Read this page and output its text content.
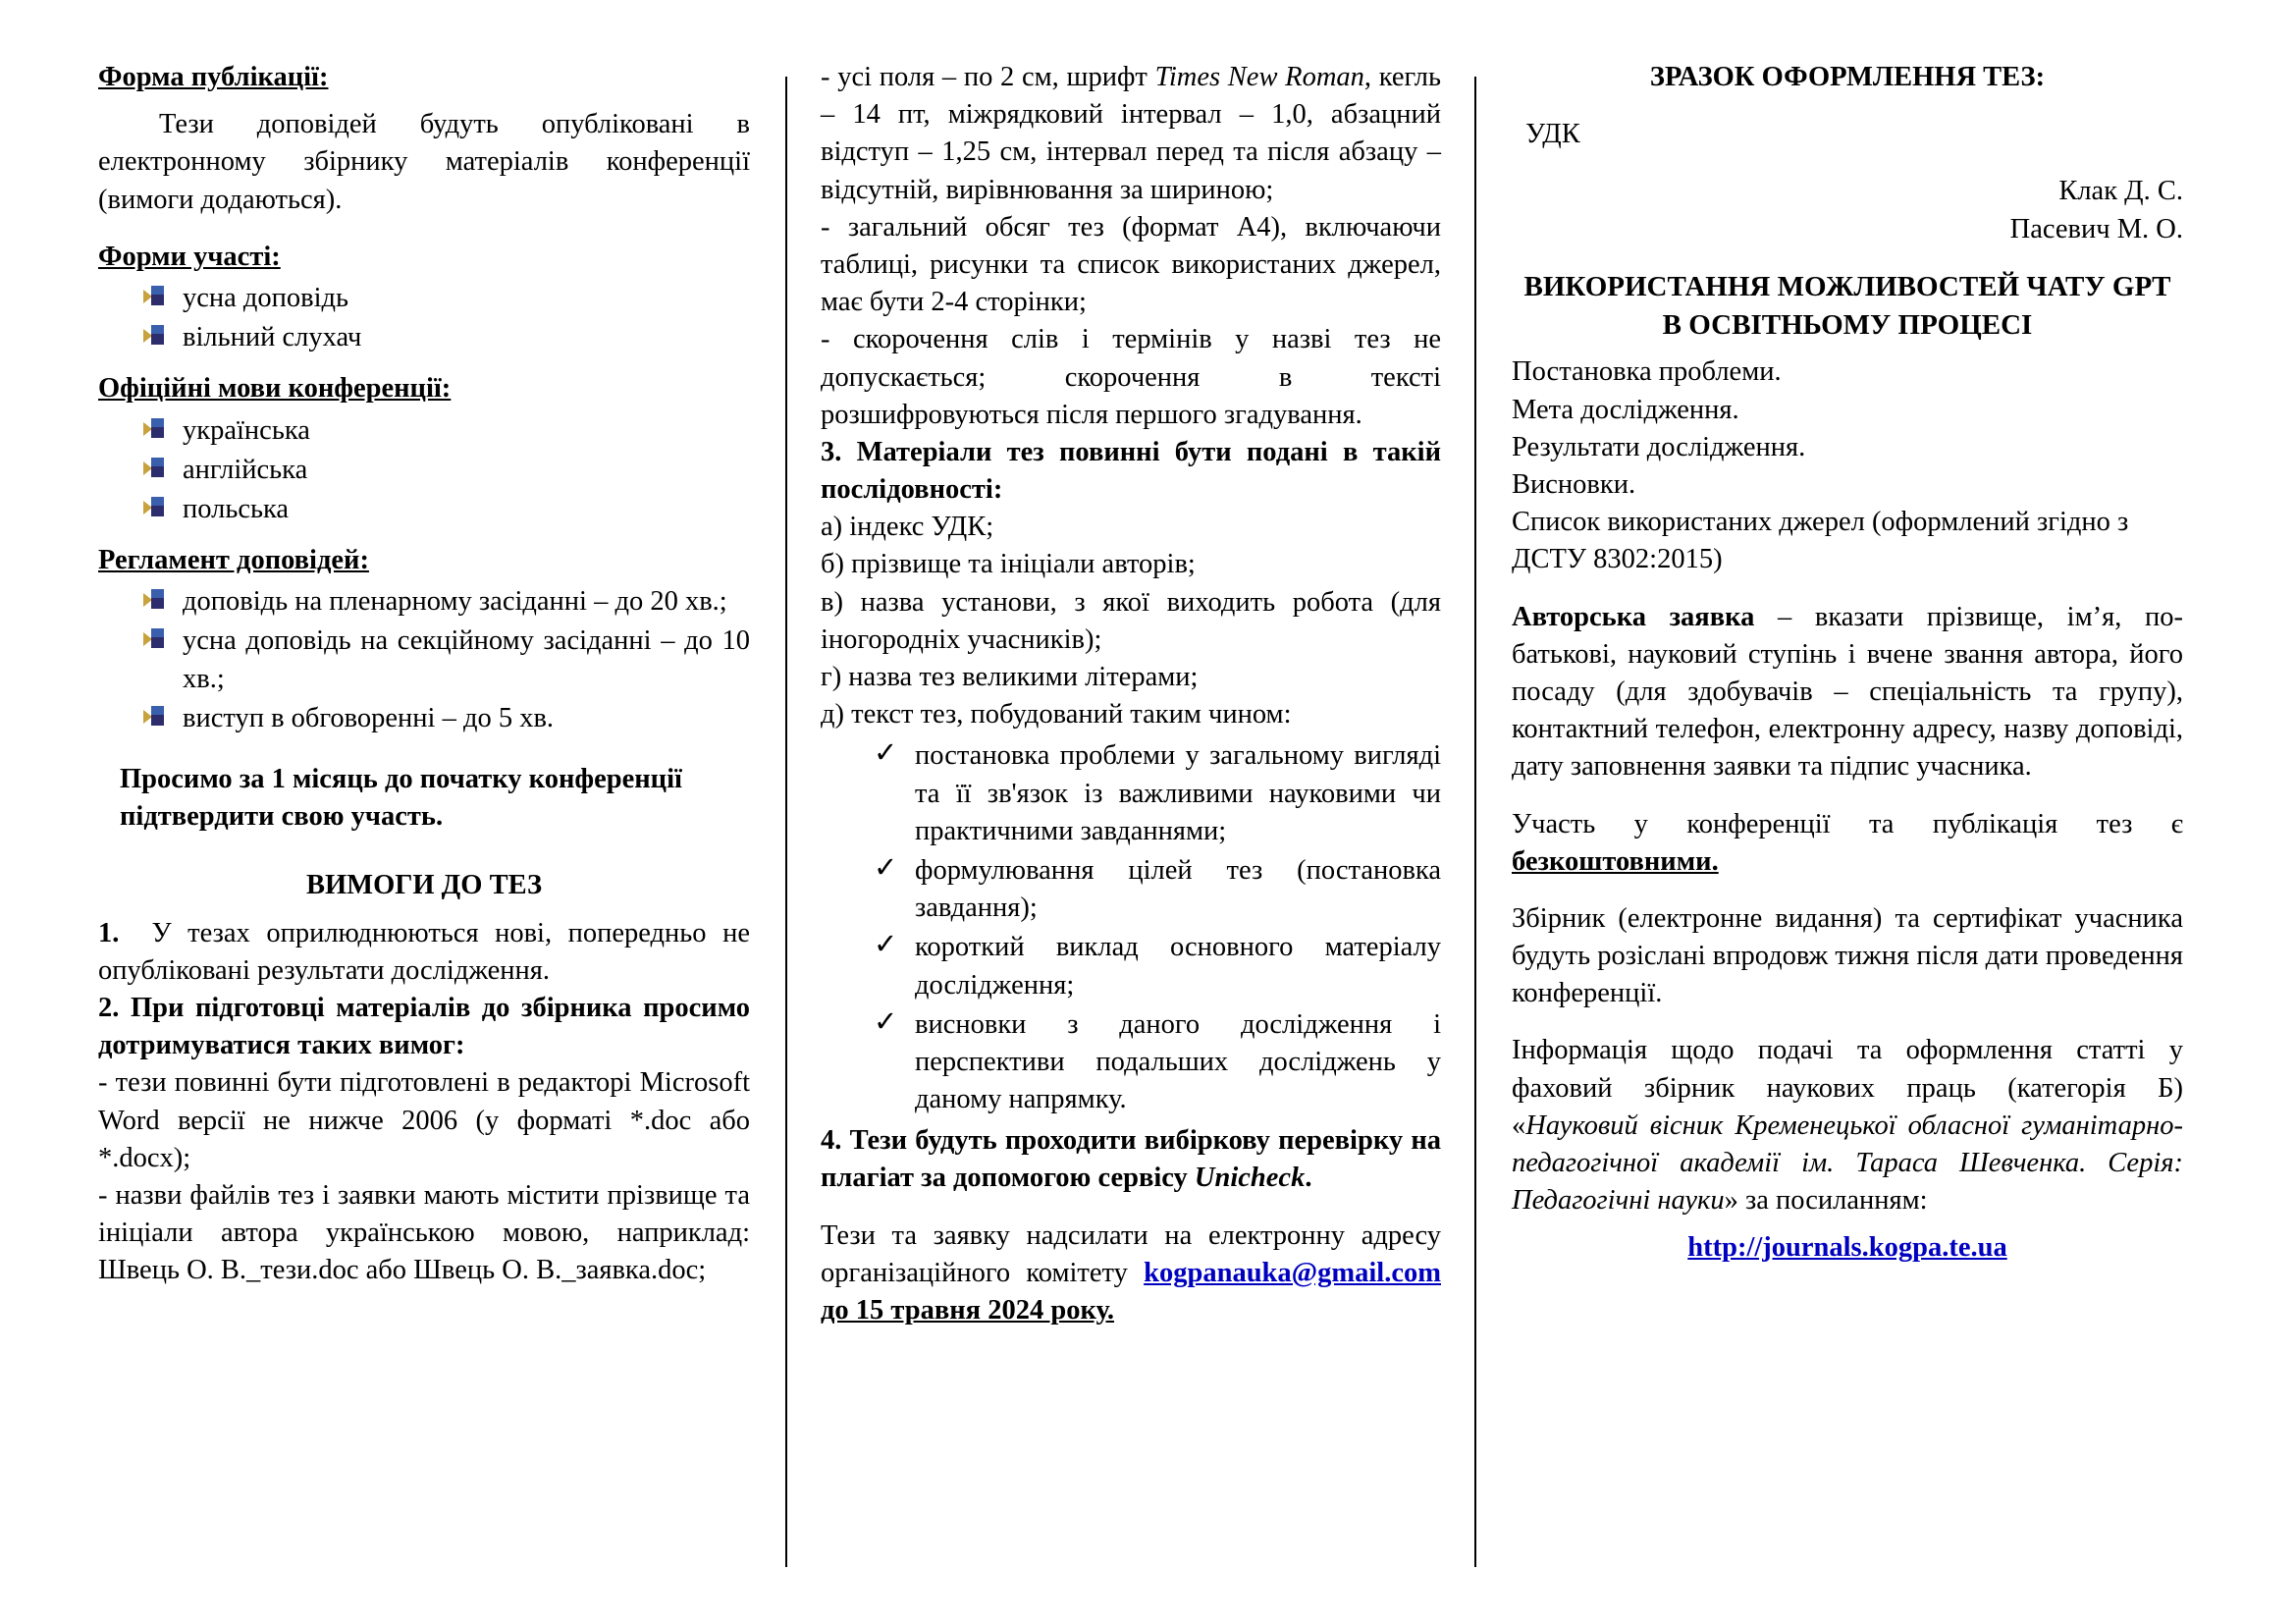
Форма публікації:

Тези доповідей будуть опубліковані в електронному збірнику матеріалів конференції (вимоги додаються).

Форми участі:

усна доповідь
вільний слухач

Офіційні мови конференції:

українська
англійська
польська

Регламент доповідей:

доповідь на пленарному засіданні – до 20 хв.;
усна доповідь на секційному засіданні – до 10 хв.;
виступ в обговоренні – до 5 хв.

Просимо за 1 місяць до початку конференції підтвердити свою участь.

ВИМОГИ ДО ТЕЗ

1. У тезах оприлюднюються нові, попередньо не опубліковані результати дослідження.

2. При підготовці матеріалів до збірника просимо дотримуватися таких вимог:

- тези повинні бути підготовлені в редакторі Microsoft Word версії не нижче 2006 (у форматі *.doc або *.docx);

- назви файлів тез і заявки мають містити прізвище та ініціали автора українською мовою, наприклад: Швець О. В._тези.doc або Швець О. В._заявка.doc;

- усі поля – по 2 см, шрифт Times New Roman, кегль – 14 пт, міжрядковий інтервал – 1,0, абзацний відступ – 1,25 см, інтервал перед та після абзацу – відсутній, вирівнювання за шириною;

- загальний обсяг тез (формат А4), включаючи таблиці, рисунки та список використаних джерел, має бути 2-4 сторінки;

- скорочення слів і термінів у назві тез не допускається; скорочення в тексті розшифровуються після першого згадування.

3. Матеріали тез повинні бути подані в такій послідовності:

а) індекс УДК;

б) прізвище та ініціали авторів;

в) назва установи, з якої виходить робота (для іногородніх учасників);

г) назва тез великими літерами;

д) текст тез, побудований таким чином:

✓ постановка проблеми у загальному вигляді та її зв'язок із важливими науковими чи практичними завданнями;
✓ формулювання цілей тез (постановка завдання);
✓ короткий виклад основного матеріалу дослідження;
✓ висновки з даного дослідження і перспективи подальших досліджень у даному напрямку.

4. Тези будуть проходити вибіркову перевірку на плагіат за допомогою сервісу Unicheck.

Тези та заявку надсилати на електронну адресу організаційного комітету kogpanauka@gmail.com до 15 травня 2024 року.

ЗРАЗОК ОФОРМЛЕННЯ ТЕЗ:

УДК

Клак Д. С.

Пасевич М. О.

ВИКОРИСТАННЯ МОЖЛИВОСТЕЙ ЧАТУ GPT В ОСВІТНЬОМУ ПРОЦЕСІ

Постановка проблеми.

Мета дослідження.

Результати дослідження.

Висновки.

Список використаних джерел (оформлений згідно з ДСТУ 8302:2015)

Авторська заявка – вказати прізвище, ім’я, по-батькові, науковий ступінь і вчене звання автора, його посаду (для здобувачів – спеціальність та групу), контактний телефон, електронну адресу, назву доповіді, дату заповнення заявки та підпис учасника.

Участь у конференції та публікація тез є безкоштовними.

Збірник (електронне видання) та сертифікат учасника будуть розіслані впродовж тижня після дати проведення конференції.

Інформація щодо подачі та оформлення статті у фаховий збірник наукових праць (категорія Б) «Науковий вісник Кременецької обласної гуманітарно-педагогічної академії ім. Тараса Шевченка. Серія: Педагогічні науки» за посиланням:

http://journals.kogpa.te.ua
